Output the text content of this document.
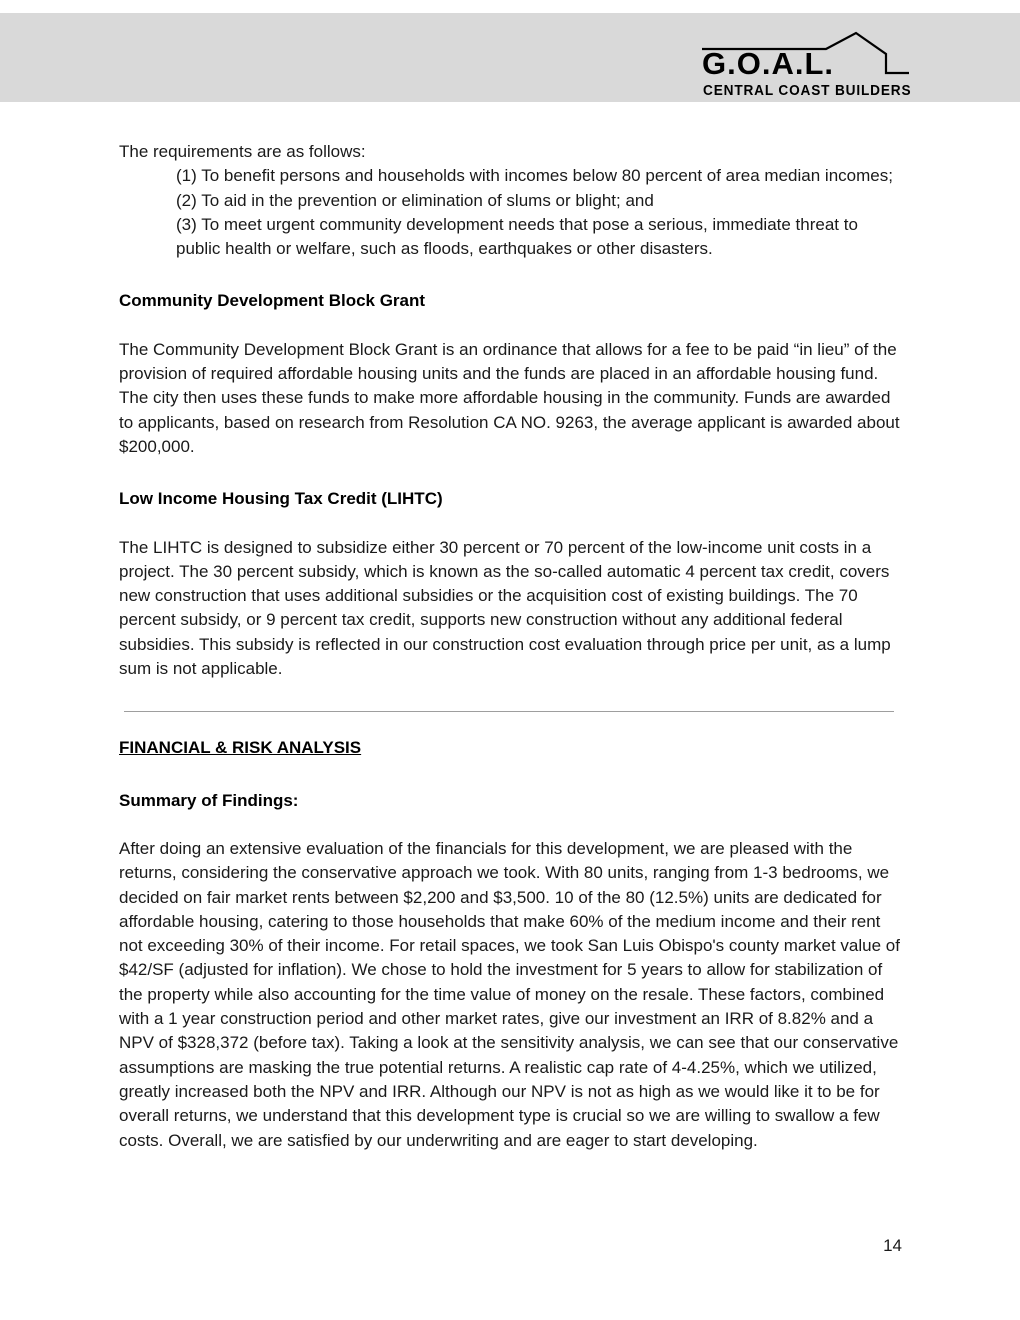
G.O.A.L.
CENTRAL COAST BUILDERS

The requirements are as follows:

(1) To benefit persons and households with incomes below 80 percent of area median incomes;

(2) To aid in the prevention or elimination of slums or blight; and

(3) To meet urgent community development needs that pose a serious, immediate threat to public health or welfare, such as floods, earthquakes or other disasters.

Community Development Block Grant

The Community Development Block Grant is an ordinance that allows for a fee to be paid “in lieu” of the provision of required affordable housing units and the funds are placed in an affordable housing fund. The city then uses these funds to make more affordable housing in the community. Funds are awarded to applicants, based on research from Resolution CA NO. 9263, the average applicant is awarded about $200,000.

Low Income Housing Tax Credit (LIHTC)

The LIHTC is designed to subsidize either 30 percent or 70 percent of the low-income unit costs in a project. The 30 percent subsidy, which is known as the so-called automatic 4 percent tax credit, covers new construction that uses additional subsidies or the acquisition cost of existing buildings. The 70 percent subsidy, or 9 percent tax credit, supports new construction without any additional federal subsidies. This subsidy is reflected in our construction cost evaluation through price per unit, as a lump sum is not applicable.

FINANCIAL & RISK ANALYSIS

Summary of Findings:

After doing an extensive evaluation of the financials for this development, we are pleased with the returns, considering the conservative approach we took. With 80 units, ranging from 1-3 bedrooms, we decided on fair market rents between $2,200 and $3,500. 10 of the 80 (12.5%) units are dedicated for affordable housing, catering to those households that make 60% of the medium income and their rent not exceeding 30% of their income. For retail spaces, we took San Luis Obispo's county market value of $42/SF (adjusted for inflation). We chose to hold the investment for 5 years to allow for stabilization of the property while also accounting for the time value of money on the resale. These factors, combined with a 1 year construction period and other market rates, give our investment an IRR of 8.82% and a NPV of $328,372 (before tax). Taking a look at the sensitivity analysis, we can see that our conservative assumptions are masking the true potential returns. A realistic cap rate of 4-4.25%, which we utilized, greatly increased both the NPV and IRR. Although our NPV is not as high as we would like it to be for overall returns, we understand that this development type is crucial so we are willing to swallow a few costs. Overall, we are satisfied by our underwriting and are eager to start developing.

14
